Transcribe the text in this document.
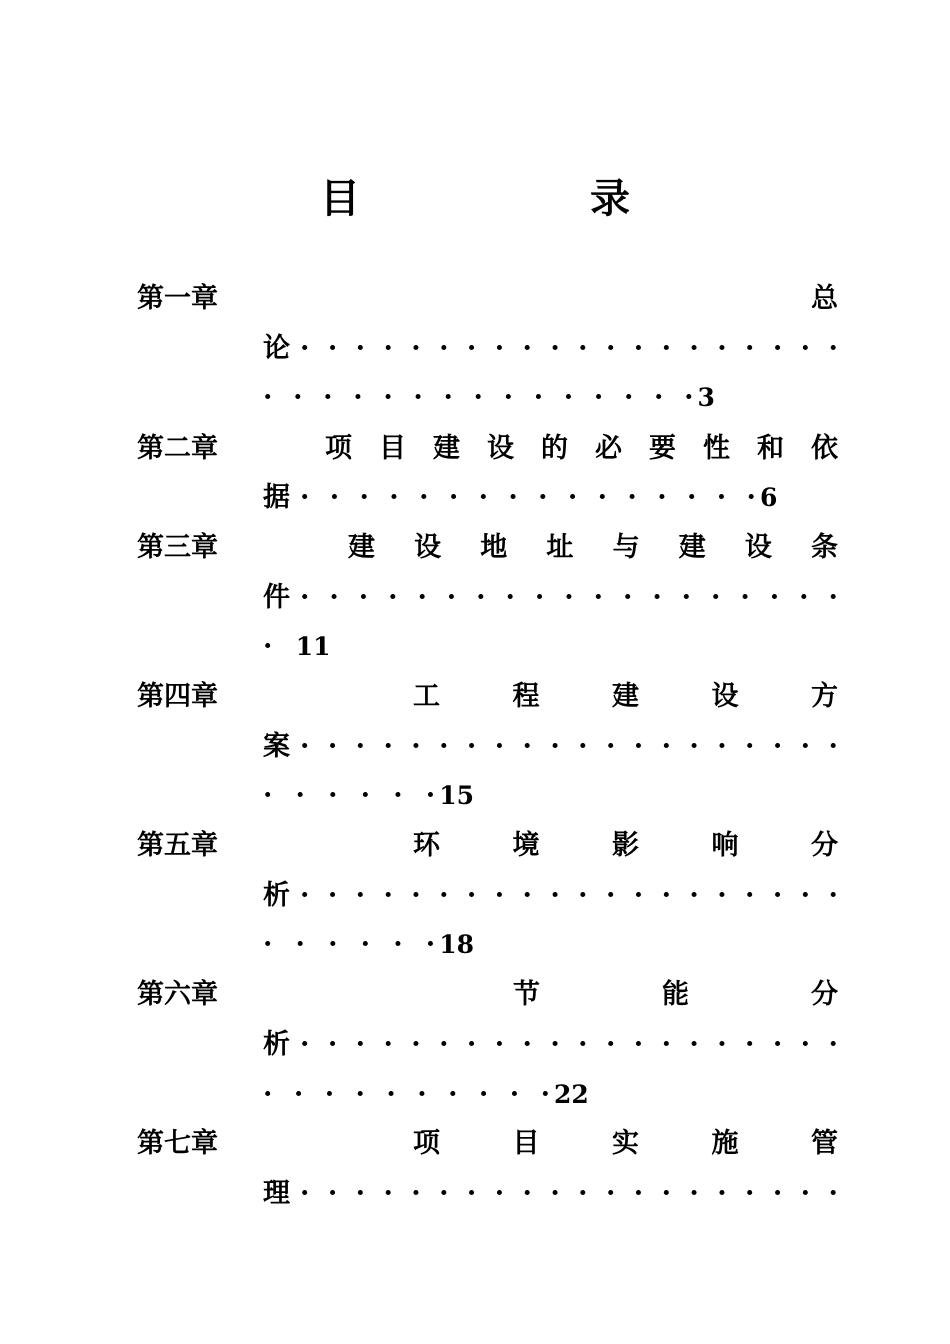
目　　录
第一章	总
论 · · · · · · · · · · · · · · · · · · · ·
· · · · · · · · · · · · · · · 3
第二章	项 目 建 设 的 必 要 性 和 依
据 · · · · · · · · · · · · · · · · 6
第三章	建 设 地 址 与 建 设 条
件 · · · · · · · · · · · · · · · · · · ·
· 11
第四章	工	程	建	设	方
案 · · · · · · · · · · · · · · · · · · · ·
· · · · · · 15
第五章	环	境	影	响	分
析 · · · · · · · · · · · · · · · · · · · ·
· · · · · · 18
第六章	节	能	分
析 · · · · · · · · · · · · · · · · · · · ·
· · · · · · · · · · 22
第七章	项	目	实	施	管
理 · · · · · · · · · · · · · · · · · · · ·
